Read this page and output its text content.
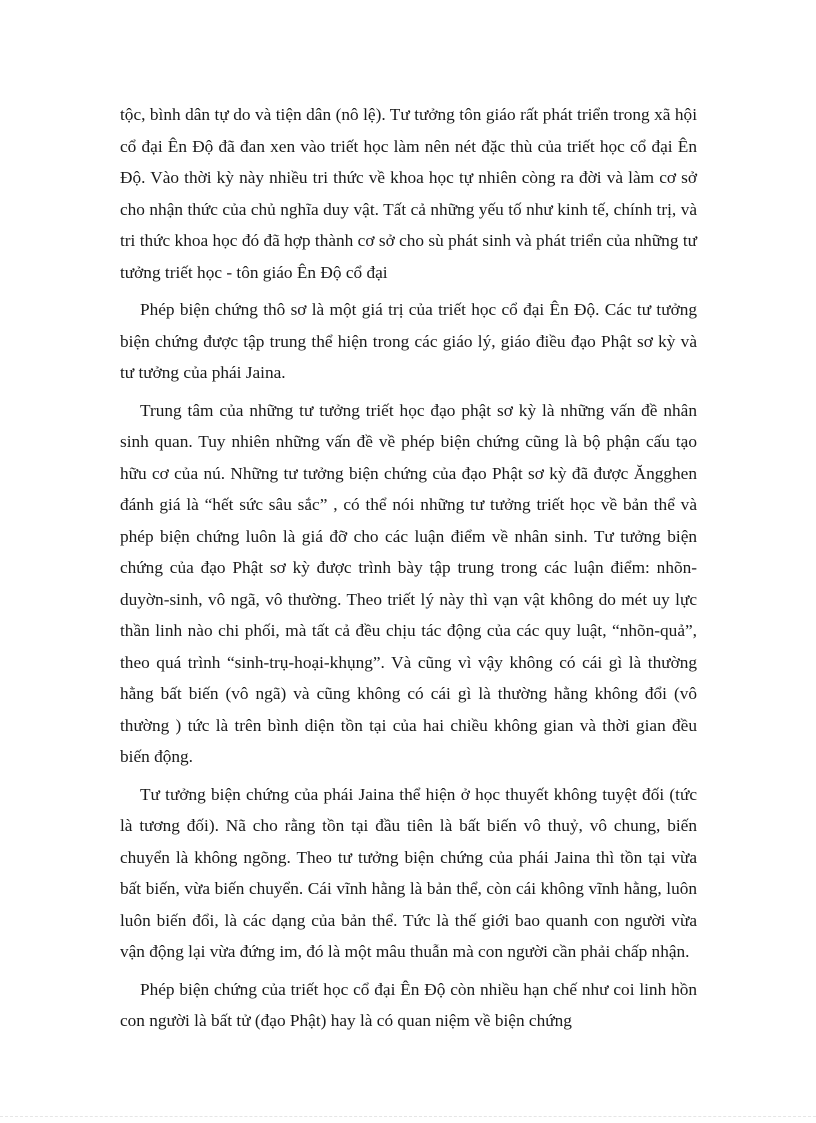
tộc, bình dân tự do và tiện dân (nô lệ). Tư tưởng tôn giáo rất phát triển trong xã hội cổ đại Ên Độ đã đan xen vào triết học làm nên nét đặc thù của triết học cổ đại Ên Độ. Vào thời kỳ này nhiều tri thức về khoa học tự nhiên còng ra đời và làm cơ sở cho nhận thức của chủ nghĩa duy vật. Tất cả những yếu tố như kinh tế, chính trị, và tri thức khoa học đó đã hợp thành cơ sở cho sù phát sinh và phát triển của những tư tưởng triết học - tôn giáo Ên Độ cổ đại

Phép biện chứng thô sơ là một giá trị của triết học cổ đại Ên Độ. Các tư tưởng biện chứng được tập trung thể hiện trong các giáo lý, giáo điều đạo Phật sơ kỳ và tư tưởng của phái Jaina.

Trung tâm của những tư tưởng triết học đạo phật sơ kỳ là những vấn đề nhân sinh quan. Tuy nhiên những vấn đề về phép biện chứng cũng là bộ phận cấu tạo hữu cơ của nú. Những tư tưởng biện chứng của đạo Phật sơ kỳ đã được Ăngghen đánh giá là “hết sức sâu sắc” , có thể nói những tư tưởng triết học về bản thể và phép biện chứng luôn là giá đỡ cho các luận điểm về nhân sinh. Tư tưởng biện chứng của đạo Phật sơ kỳ được trình bày tập trung trong các luận điểm: nhõn-duyờn-sinh, vô ngã, vô thường. Theo triết lý này thì vạn vật không do mét uy lực thần linh nào chi phối, mà tất cả đều chịu tác động của các quy luật, “nhõn-quả”, theo quá trình “sinh-trụ-hoại-khụng”. Và cũng vì vậy không có cái gì là thường hằng bất biến (vô ngã) và cũng không có cái gì là thường hằng không đổi (vô thường ) tức là trên bình diện tồn tại của hai chiều không gian và thời gian đều biến động.

Tư tưởng biện chứng của phái Jaina thể hiện ở học thuyết không tuyệt đối (tức là tương đối). Nã cho rằng tồn tại đầu tiên là bất biến vô thuỷ, vô chung, biến chuyển là không ngõng. Theo tư tưởng biện chứng của phái Jaina thì tồn tại vừa bất biến, vừa biến chuyển. Cái vĩnh hằng là bản thể, còn cái không vĩnh hằng, luôn luôn biến đổi, là các dạng của bản thể. Tức là thế giới bao quanh con người vừa vận động lại vừa đứng im, đó là một mâu thuẫn mà con người cần phải chấp nhận.

Phép biện chứng của triết học cổ đại Ên Độ còn nhiều hạn chế như coi linh hồn con người là bất tử (đạo Phật) hay là có quan niệm về biện chứng
